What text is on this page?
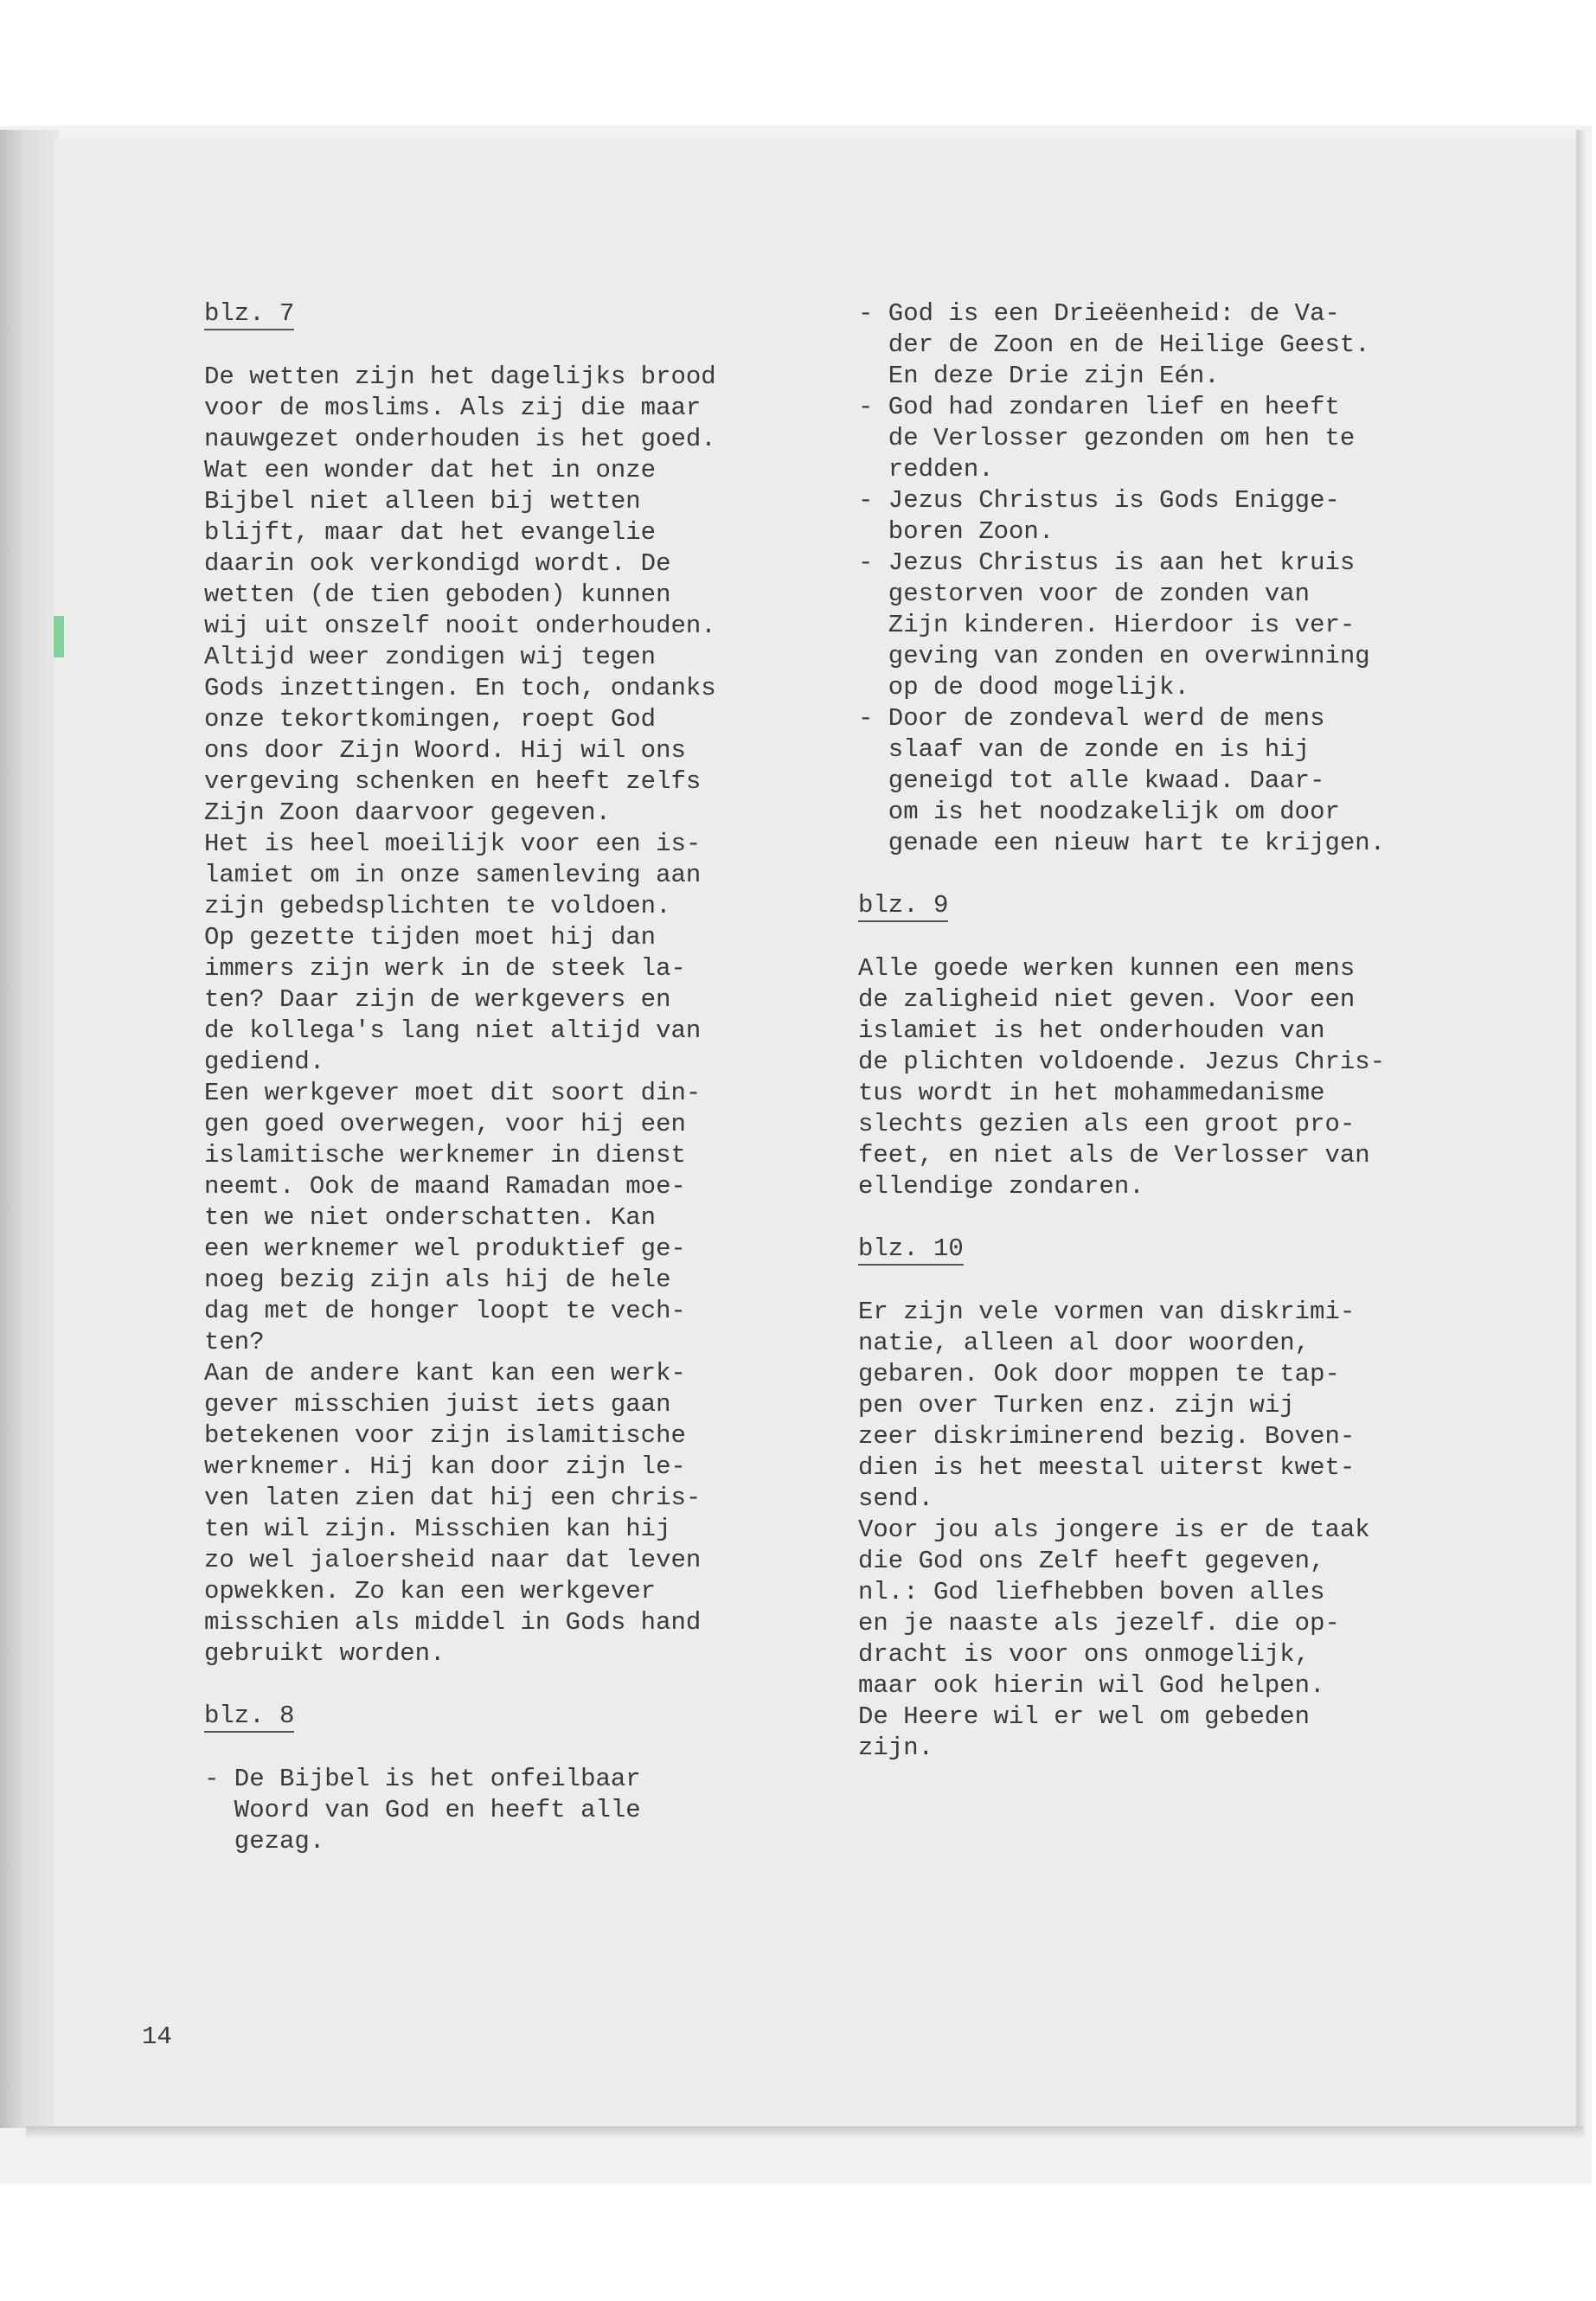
blz. 7

De wetten zijn het dagelijks brood

voor de moslims. Als zij die maar

nauwgezet onderhouden is het goed.

Wat een wonder dat het in onze

Bijbel niet alleen bij wetten

blijft, maar dat het evangelie

daarin ook verkondigd wordt. De

wetten (de tien geboden) kunnen

wij uit onszelf nooit onderhouden.

Altijd weer zondigen wij tegen

Gods inzettingen. En toch, ondanks

onze tekortkomingen, roept God

ons door Zijn Woord. Hij wil ons

vergeving schenken en heeft zelfs

Zijn Zoon daarvoor gegeven.

Het is heel moeilijk voor een is-

lamiet om in onze samenleving aan

zijn gebedsplichten te voldoen.

Op gezette tijden moet hij dan

immers zijn werk in de steek la-

ten? Daar zijn de werkgevers en

de kollega's lang niet altijd van

gediend.

Een werkgever moet dit soort din-

gen goed overwegen, voor hij een

islamitische werknemer in dienst

neemt. Ook de maand Ramadan moe-

ten we niet onderschatten. Kan

een werknemer wel produktief ge-

noeg bezig zijn als hij de hele

dag met de honger loopt te vech-

ten?

Aan de andere kant kan een werk-

gever misschien juist iets gaan

betekenen voor zijn islamitische

werknemer. Hij kan door zijn le-

ven laten zien dat hij een chris-

ten wil zijn. Misschien kan hij

zo wel jaloersheid naar dat leven

opwekken. Zo kan een werkgever

misschien als middel in Gods hand

gebruikt worden.

blz. 8

- De Bijbel is het onfeilbaar

Woord van God en heeft alle

gezag.

- God is een Drieëenheid: de Va-

der de Zoon en de Heilige Geest.

En deze Drie zijn Eén.

- God had zondaren lief en heeft

de Verlosser gezonden om hen te

redden.

- Jezus Christus is Gods Enigge-

boren Zoon.

- Jezus Christus is aan het kruis

gestorven voor de zonden van

Zijn kinderen. Hierdoor is ver-

geving van zonden en overwinning

op de dood mogelijk.

- Door de zondeval werd de mens

slaaf van de zonde en is hij

geneigd tot alle kwaad. Daar-

om is het noodzakelijk om door

genade een nieuw hart te krijgen.

blz. 9

Alle goede werken kunnen een mens

de zaligheid niet geven. Voor een

islamiet is het onderhouden van

de plichten voldoende. Jezus Chris-

tus wordt in het mohammedanisme

slechts gezien als een groot pro-

feet, en niet als de Verlosser van

ellendige zondaren.

blz. 10

Er zijn vele vormen van diskrimi-

natie, alleen al door woorden,

gebaren. Ook door moppen te tap-

pen over Turken enz. zijn wij

zeer diskriminerend bezig. Boven-

dien is het meestal uiterst kwet-

send.

Voor jou als jongere is er de taak

die God ons Zelf heeft gegeven,

nl.: God liefhebben boven alles

en je naaste als jezelf. die op-

dracht is voor ons onmogelijk,

maar ook hierin wil God helpen.

De Heere wil er wel om gebeden

zijn.

14
